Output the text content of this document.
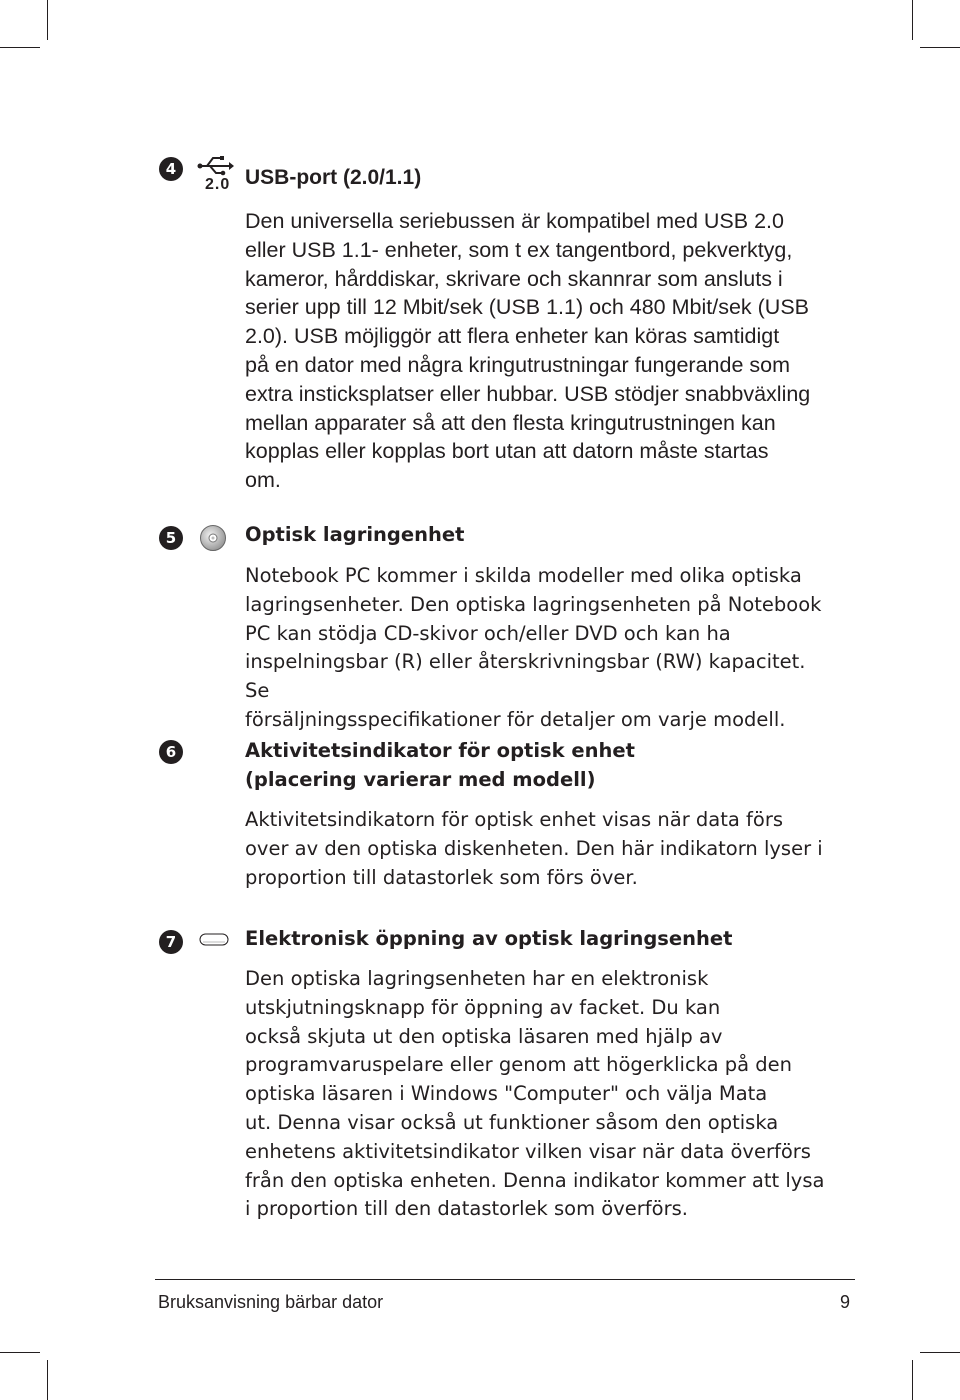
4
2.0 USB-port (2.0/1.1)

Den universella seriebussen är kompatibel med USB 2.0
eller USB 1.1- enheter, som t ex tangentbord, pekverktyg,
kameror, hårddiskar, skrivare och skannrar som ansluts i
serier upp till 12 Mbit/sek (USB 1.1) och 480 Mbit/sek (USB
2.0). USB möjliggör att flera enheter kan köras samtidigt
på en dator med några kringutrustningar fungerande som
extra insticksplatser eller hubbar. USB stödjer snabbväxling
mellan apparater så att den flesta kringutrustningen kan
kopplas eller kopplas bort utan att datorn måste startas
om.

5	Optisk lagringenhet

Notebook PC kommer i skilda modeller med olika optiska
lagringsenheter. Den optiska lagringsenheten på Notebook
PC kan stödja CD-skivor och/eller DVD och kan ha
inspelningsbar (R) eller återskrivningsbar (RW) kapacitet. Se
försäljningsspecifikationer för detaljer om varje modell.

6	Aktivitetsindikator för optisk enhet
(placering varierar med modell)

Aktivitetsindikatorn för optisk enhet visas när data förs
over av den optiska diskenheten. Den här indikatorn lyser i
proportion till datastorlek som förs över.

7	Elektronisk öppning av optisk lagringsenhet

Den optiska lagringsenheten har en elektronisk
utskjutningsknapp för öppning av facket. Du kan
också skjuta ut den optiska läsaren med hjälp av
programvaruspelare eller genom att högerklicka på den
optiska läsaren i Windows "Computer" och välja Mata
ut. Denna visar också ut funktioner såsom den optiska
enhetens aktivitetsindikator vilken visar när data överförs
från den optiska enheten. Denna indikator kommer att lysa
i proportion till den datastorlek som överförs.

Bruksanvisning bärbar dator	9
